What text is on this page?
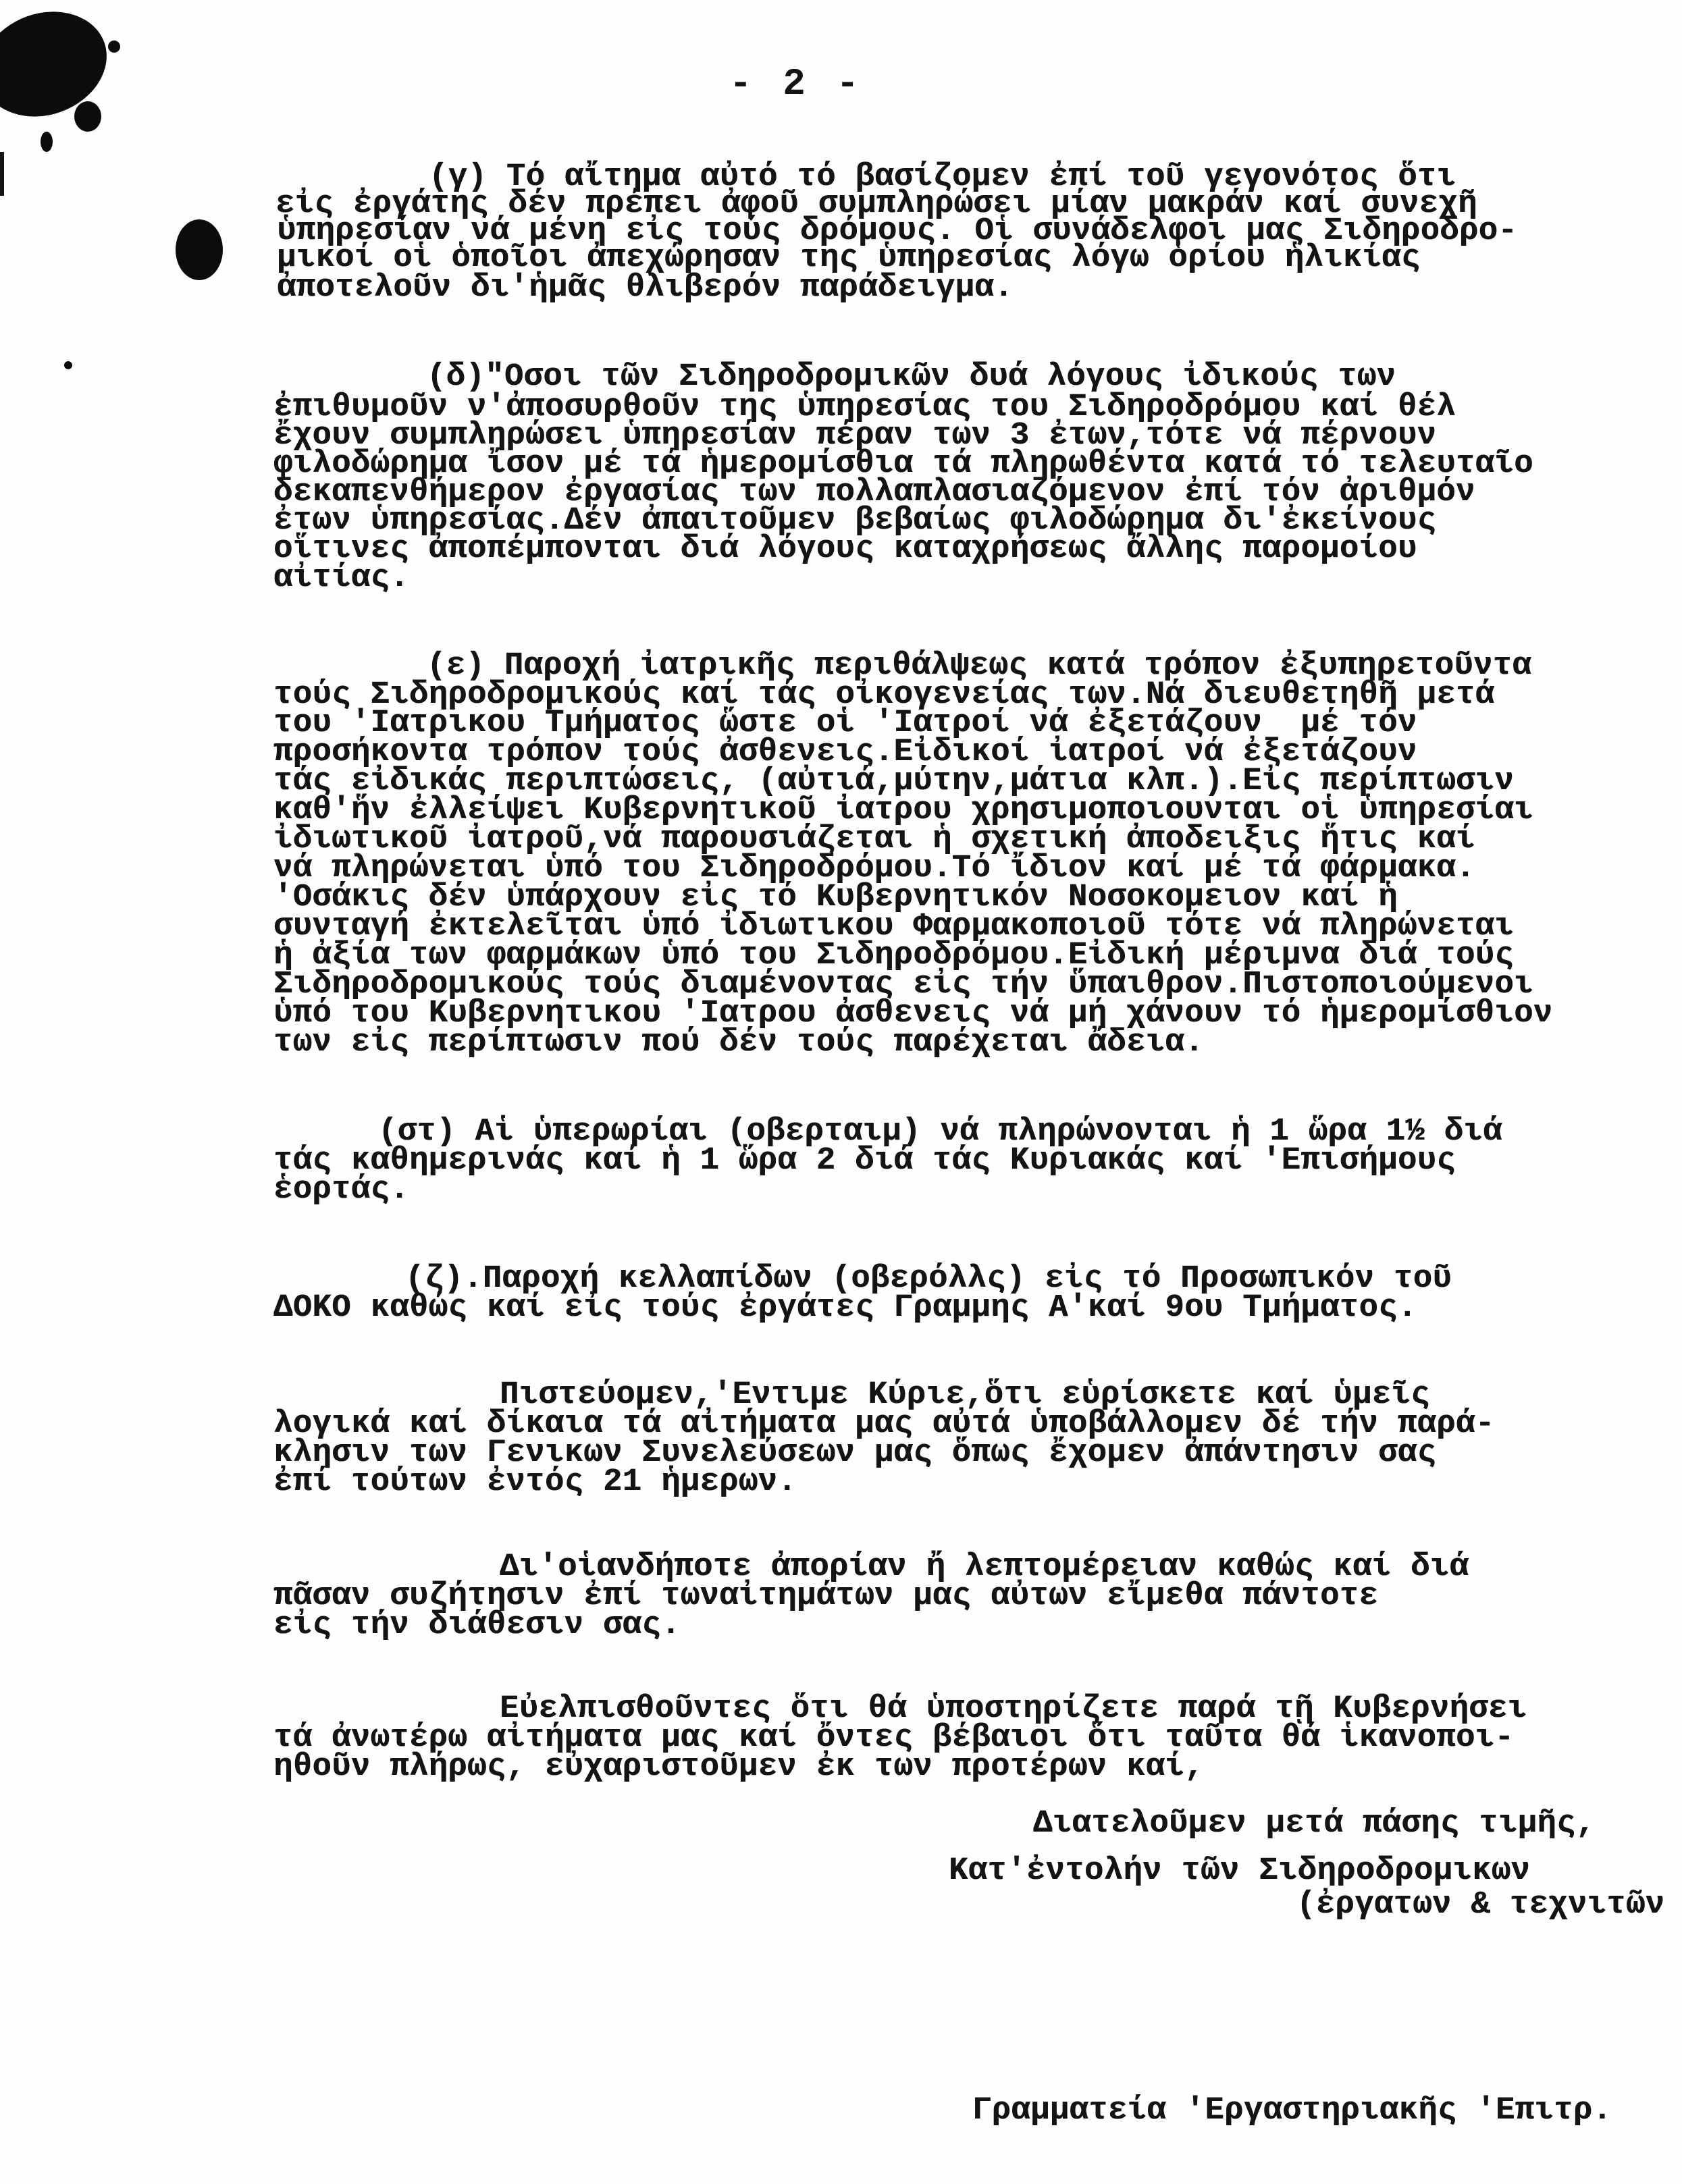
- 2 -
(γ) Τό αἴτημα αὐτό τό βασίζομεν ἐπί τοῦ γεγονότος ὅτι
εἰς ἐργάτης δέν πρέπει ἀφοῦ συμπληρώσει μίαν μακράν καί συνεχῆ
ὑπηρεσίαν νά μένη εἰς τούς δρόμους. Οἱ συνάδελφοι μας Σιδηροδρο-
μικοί οἱ ὁποῖοι ἀπεχώρησαν της ὑπηρεσίας λόγω ὁρίου ἡλικίας
ἀποτελοῦν δι'ἡμᾶς θλιβερόν παράδειγμα.
(δ)"Οσοι τῶν Σιδηροδρομικῶν δυά λόγους ἰδικούς των
ἐπιθυμοῦν ν'ἀποσυρθοῦν της ὑπηρεσίας του Σιδηροδρόμου καί θέλ
ἔχουν συμπληρώσει ὑπηρεσίαν πέραν των 3 ἐτων,τότε νά πέρνουν
φιλοδώρημα ἴσον μέ τά ἡμερομίσθια τά πληρωθέντα κατά τό τελευταῖο
δεκαπενθήμερον ἐργασίας των πολλαπλασιαζόμενον ἐπί τόν ἀριθμόν
ἐτων ὑπηρεσίας.Δέν ἀπαιτοῦμεν βεβαίως φιλοδώρημα δι'ἐκείνους
οἵτινες ἀποπέμπονται διά λόγους καταχρήσεως ἄλλης παρομοίου
αἰτίας.
(ε) Παροχή ἰατρικῆς περιθάλψεως κατά τρόπον ἐξυπηρετοῦντα
τούς Σιδηροδρομικούς καί τάς οἰκογενείας των.Νά διευθετηθῆ μετά
του 'Ιατρικου Τμήματος ὥστε οἱ 'Ιατροί νά ἐξετάζουν  μέ τόν
προσήκοντα τρόπον τούς ἀσθενεις.Εἰδικοί ἰατροί νά ἐξετάζουν
τάς εἰδικάς περιπτώσεις, (αὐτιά,μύτην,μάτια κλπ.).Εἰς περίπτωσιν
καθ'ἥν ἐλλείψει Κυβερνητικοῦ ἰατρου χρησιμοποιουνται οἱ ὑπηρεσίαι
ἰδιωτικοῦ ἰατροῦ,νά παρουσιάζεται ἡ σχετική ἀποδειξις ἥτις καί
νά πληρώνεται ὑπό του Σιδηροδρόμου.Τό ἴδιον καί μέ τά φάρμακα.
'Οσάκις δέν ὑπάρχουν εἰς τό Κυβερνητικόν Νοσοκομειον καί ἡ
συνταγή ἐκτελεῖται ὑπό ἰδιωτικου Φαρμακοποιοῦ τότε νά πληρώνεται
ἡ ἀξία των φαρμάκων ὑπό του Σιδηροδρόμου.Εἰδική μέριμνα διά τούς
Σιδηροδρομικούς τούς διαμένοντας εἰς τήν ὕπαιθρον.Πιστοποιούμενοι
ὑπό του Κυβερνητικου 'Ιατρου ἀσθενεις νά μή χάνουν τό ἡμερομίσθιον
των εἰς περίπτωσιν πού δέν τούς παρέχεται ἄδεια.
(στ) Αἱ ὑπερωρίαι (οβερταιμ) νά πληρώνονται ἡ 1 ὥρα 1½ διά
τάς καθημερινάς καί ἡ 1 ὥρα 2 διά τάς Κυριακάς καί 'Επισήμους
ἑορτάς.
(ζ).Παροχή κελλαπίδων (οβερόλλς) εἰς τό Προσωπικόν τοῦ
ΔΟΚΟ καθώς καί εἰς τούς ἐργάτες Γραμμης Α'καί 9ου Τμήματος.
Πιστεύομεν,'Εντιμε Κύριε,ὅτι εὑρίσκετε καί ὑμεῖς
λογικά καί δίκαια τά αἰτήματα μας αὐτά ὑποβάλλομεν δέ τήν παρά-
κλησιν των Γενικων Συνελεύσεων μας ὅπως ἔχομεν ἀπάντησιν σας
ἐπί τούτων ἐντός 21 ἡμερων.
Δι'οἱανδήποτε ἀπορίαν ἤ λεπτομέρειαν καθώς καί διά
πᾶσαν συζήτησιν ἐπί τωναἰτημάτων μας αὐτων εἴμεθα πάντοτε
εἰς τήν διάθεσιν σας.
Εὐελπισθοῦντες ὅτι θά ὑποστηρίζετε παρά τῇ Κυβερνήσει
τά ἀνωτέρω αἰτήματα μας καί ὄντες βέβαιοι ὅτι ταῦτα θά ἱκανοποι-
ηθοῦν πλήρως, εὐχαριστοῦμεν ἐκ των προτέρων καί,
Διατελοῦμεν μετά πάσης τιμῆς,
Κατ'ἐντολήν τῶν Σιδηροδρομικων
(ἐργατων & τεχνιτῶν
Γραμματεία 'Εργαστηριακῆς 'Επιτρ.
